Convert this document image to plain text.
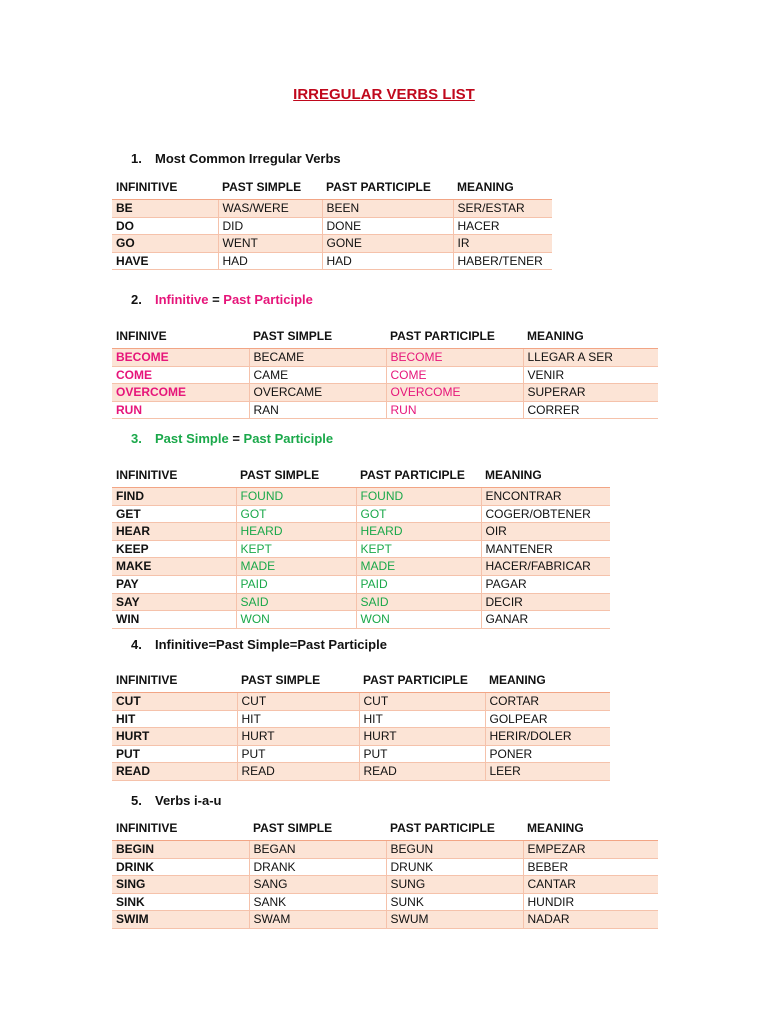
IRREGULAR VERBS LIST
1. Most Common Irregular Verbs
INFINITIVE	PAST SIMPLE	PAST PARTICIPLE	MEANING
BE	WAS/WERE	BEEN	SER/ESTAR
DO	DID	DONE	HACER
GO	WENT	GONE	IR
HAVE	HAD	HAD	HABER/TENER
2. Infinitive = Past Participle
INFINIVE	PAST SIMPLE	PAST PARTICIPLE	MEANING
BECOME	BECAME	BECOME	LLEGAR A SER
COME	CAME	COME	VENIR
OVERCOME	OVERCAME	OVERCOME	SUPERAR
RUN	RAN	RUN	CORRER
3. Past Simple = Past Participle
INFINITIVE	PAST SIMPLE	PAST PARTICIPLE	MEANING
FIND	FOUND	FOUND	ENCONTRAR
GET	GOT	GOT	COGER/OBTENER
HEAR	HEARD	HEARD	OIR
KEEP	KEPT	KEPT	MANTENER
MAKE	MADE	MADE	HACER/FABRICAR
PAY	PAID	PAID	PAGAR
SAY	SAID	SAID	DECIR
WIN	WON	WON	GANAR
4. Infinitive=Past Simple=Past Participle
INFINITIVE	PAST SIMPLE	PAST PARTICIPLE	MEANING
CUT	CUT	CUT	CORTAR
HIT	HIT	HIT	GOLPEAR
HURT	HURT	HURT	HERIR/DOLER
PUT	PUT	PUT	PONER
READ	READ	READ	LEER
5. Verbs i-a-u
INFINITIVE	PAST SIMPLE	PAST PARTICIPLE	MEANING
BEGIN	BEGAN	BEGUN	EMPEZAR
DRINK	DRANK	DRUNK	BEBER
SING	SANG	SUNG	CANTAR
SINK	SANK	SUNK	HUNDIR
SWIM	SWAM	SWUM	NADAR
